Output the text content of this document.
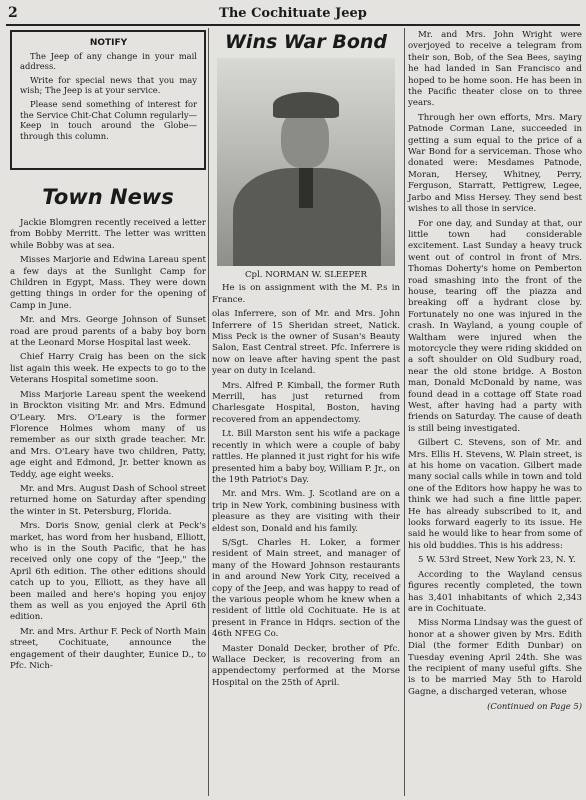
2	The Cochituate Jeep
NOTIFY

The Jeep of any change in your mail address.

Write for special news that you may wish; The Jeep is at your service.

Please send something of interest for the Service Chit-Chat Column regularly—Keep in touch around the Globe—through this column.

Town News

Jackie Blomgren recently received a letter from Bobby Merritt. The letter was written while Bobby was at sea.

Misses Marjorie and Edwina Lareau spent a few days at the Sunlight Camp for Children in Egypt, Mass. They were down getting things in order for the opening of Camp in June.

Mr. and Mrs. George Johnson of Sunset road are proud parents of a baby boy born at the Leonard Morse Hospital last week.

Chief Harry Craig has been on the sick list again this week. He expects to go to the Veterans Hospital sometime soon.

Miss Marjorie Lareau spent the weekend in Brockton visiting Mr. and Mrs. Edmund O'Leary. Mrs. O'Leary is the former Florence Holmes whom many of us remember as our sixth grade teacher. Mr. and Mrs. O'Leary have two children, Patty, age eight and Edmond, Jr. better known as Teddy, age eight weeks.

Mr. and Mrs. August Dash of School street returned home on Saturday after spending the winter in St. Petersburg, Florida.

Mrs. Doris Snow, genial clerk at Peck's market, has word from her husband, Elliott, who is in the South Pacific, that he has received only one copy of the "Jeep," the April 6th edition. The other editions should catch up to you, Elliott, as they have all been mailed and here's hoping you enjoy them as well as you enjoyed the April 6th edition.

Mr. and Mrs. Arthur F. Peck of North Main street, Cochituate, announce the engagement of their daughter, Eunice D., to Pfc. Nich-

Wins War Bond
Cpl. NORMAN W. SLEEPER

He is on assignment with the M. P.s in France.

olas Inferrere, son of Mr. and Mrs. John Inferrere of 15 Sheridan street, Natick. Miss Peck is the owner of Susan's Beauty Salon, East Central street. Pfc. Inferrere is now on leave after having spent the past year on duty in Iceland.

Mrs. Alfred P. Kimball, the former Ruth Merrill, has just returned from Charlesgate Hospital, Boston, having recovered from an appendectomy.

Lt. Bill Marston sent his wife a package recently in which were a couple of baby rattles. He planned it just right for his wife presented him a baby boy, William P. Jr., on the 19th Patriot's Day.

Mr. and Mrs. Wm. J. Scotland are on a trip in New York, combining business with pleasure as they are visiting with their eldest son, Donald and his family.

S/Sgt. Charles H. Loker, a former resident of Main street, and manager of many of the Howard Johnson restaurants in and around New York City, received a copy of the Jeep, and was happy to read of the various people whom he knew when a resident of little old Cochituate. He is at present in France in Hdqrs. section of the 46th NFEG Co.

Master Donald Decker, brother of Pfc. Wallace Decker, is recovering from an appendectomy performed at the Morse Hospital on the 25th of April.

Mr. and Mrs. John Wright were overjoyed to receive a telegram from their son, Bob, of the Sea Bees, saying he had landed in San Francisco and hoped to be home soon. He has been in the Pacific theater close on to three years.

Through her own efforts, Mrs. Mary Patnode Corman Lane, succeeded in getting a sum equal to the price of a War Bond for a serviceman. Those who donated were: Mesdames Patnode, Moran, Hersey, Whitney, Perry, Ferguson, Starratt, Pettigrew, Legee, Jarbo and Miss Hersey. They send best wishes to all those in service.

For one day, and Sunday at that, our little town had considerable excitement. Last Sunday a heavy truck went out of control in front of Mrs. Thomas Doherty's home on Pemberton road smashing into the front of the house, tearing off the piazza and breaking off a hydrant close by. Fortunately no one was injured in the crash. In Wayland, a young couple of Waltham were injured when the motorcycle they were riding skidded on a soft shoulder on Old Sudbury road, near the old stone bridge. A Boston man, Donald McDonald by name, was found dead in a cottage off State road West, after having had a party with friends on Saturday. The cause of death is still being investigated.

Gilbert C. Stevens, son of Mr. and Mrs. Ellis H. Stevens, W. Plain street, is at his home on vacation. Gilbert made many social calls while in town and told one of the Editors how happy he was to think we had such a fine little paper. He has already subscribed to it, and looks forward eagerly to its issue. He said he would like to hear from some of his old buddies. This is his address:

5 W. 53rd Street, New York 23, N. Y.

According to the Wayland census figures recently completed, the town has 3,401 inhabitants of which 2,343 are in Cochituate.

Miss Norma Lindsay was the guest of honor at a shower given by Mrs. Edith Dial (the former Edith Dunbar) on Tuesday evening April 24th. She was the recipient of many useful gifts. She is to be married May 5th to Harold Gagne, a discharged veteran, whose

(Continued on Page 5)
